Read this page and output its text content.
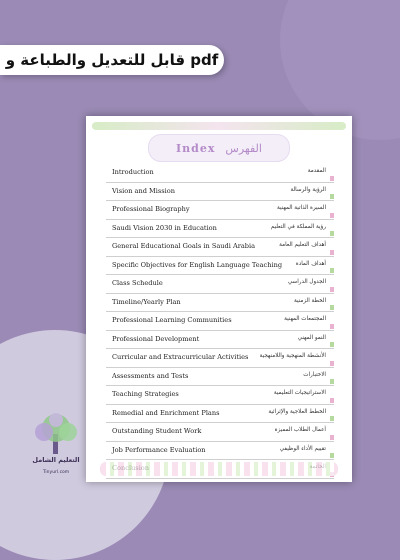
قابل للتعديل والطباعة و pdf
Index الفهرس
Introduction	المقدمة
Vision and Mission	الرؤية والرسالة
Professional Biography	السيرة الذاتية المهنية
Saudi Vision 2030 in Education	رؤية المملكة في التعليم
General Educational Goals in Saudi Arabia	أهداف التعليم العامة
Specific Objectives for English Language Teaching أهداف المادة
Class Schedule	الجدول الدراسي
Timeline/Yearly Plan	الخطة الزمنية
Professional Learning Communities	المجتمعات المهنية
Professional Development	النمو المهني
Curricular and Extracurricular Activities الأنشطة المنهجية واللامنهجية
Assessments and Tests	الاختبارات
Teaching Strategies	الاستراتيجيات التعليمية
Remedial and Enrichment Plans	الخطط العلاجية والإثرائية
Outstanding Student Work	أعمال الطلاب المميزة
Job Performance Evaluation	تقييم الأداء الوظيفي
التعليم الشامل
Tinyurl.com
